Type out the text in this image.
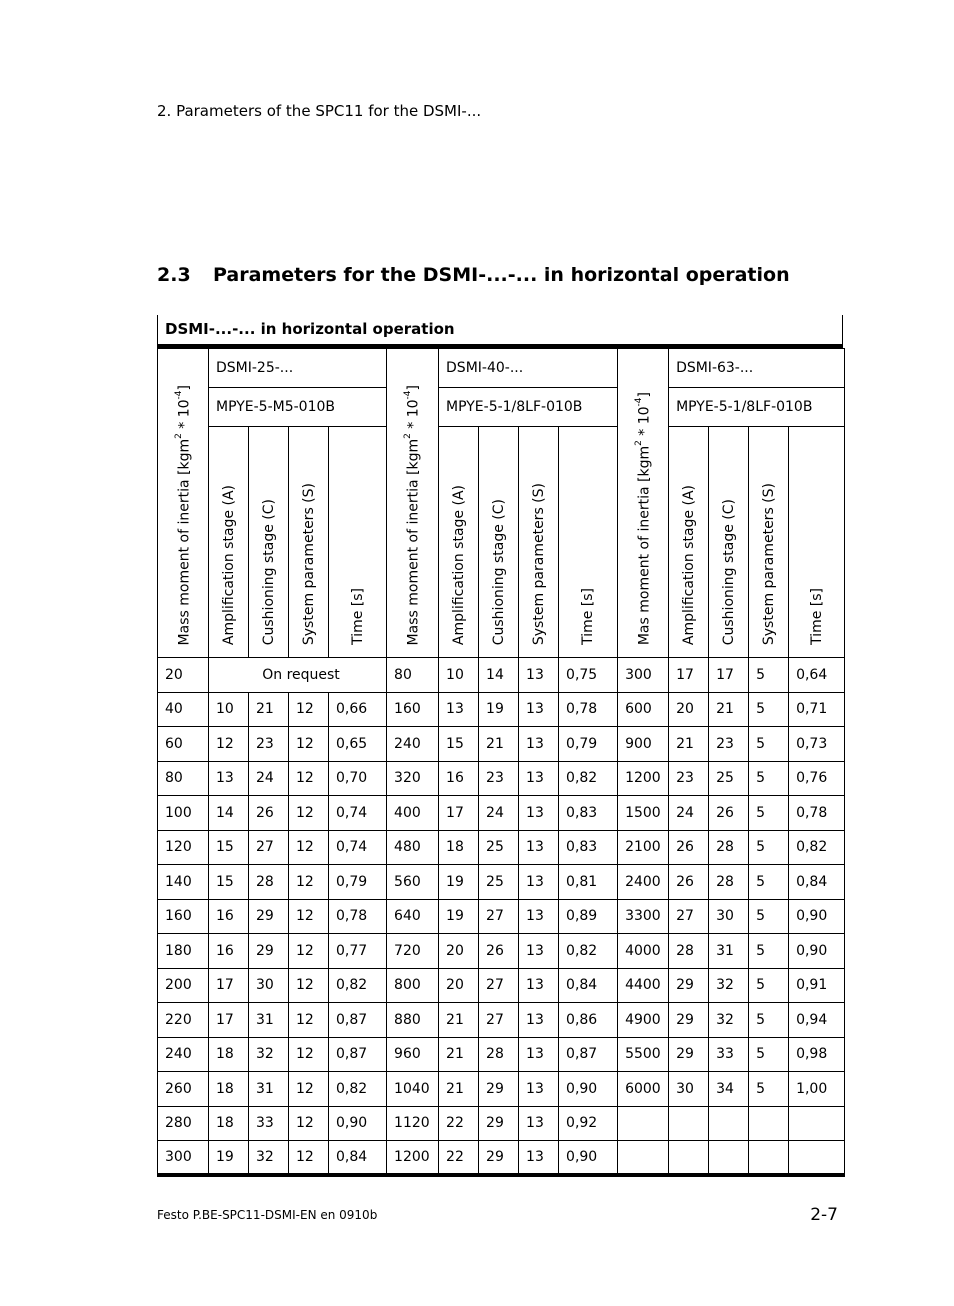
2. Parameters of the SPC11 for the DSMI-...
2.3 Parameters for the DSMI-...-... in horizontal operation
DSMI-...-... in horizontal operation
Mass moment of inertia $[kgm^2 * 10^{-4}]$	DSMI-25-...				Mass moment of inertia $[kgm^2 * 10^{-4}]$	DSMI-40-...				Mas moment of inertia $[kgm^2 * 10^{-4}]$	DSMI-63-...			
	MPYE-5-M5-010B					MPYE-5-1/8LF-010B					MPYE-5-1/8LF-010B			
	Amplification stage (A)	Cushioning stage (C)	System parameters (S)	Time [s]		Amplification stage (A)	Cushioning stage (C)	System parameters (S)	Time [s]		Amplification stage (A)	Cushioning stage (C)	System parameters (S)	Time [s]
20	On request				80	10	14	13	0,75	300	17	17	5	0,64
40	10	21	12	0,66	160	13	19	13	0,78	600	20	21	5	0,71
60	12	23	12	0,65	240	15	21	13	0,79	900	21	23	5	0,73
80	13	24	12	0,70	320	16	23	13	0,82	1200	23	25	5	0,76
100	14	26	12	0,74	400	17	24	13	0,83	1500	24	26	5	0,78
120	15	27	12	0,74	480	18	25	13	0,83	2100	26	28	5	0,82
140	15	28	12	0,79	560	19	25	13	0,81	2400	26	28	5	0,84
160	16	29	12	0,78	640	19	27	13	0,89	3300	27	30	5	0,90
180	16	29	12	0,77	720	20	26	13	0,82	4000	28	31	5	0,90
200	17	30	12	0,82	800	20	27	13	0,84	4400	29	32	5	0,91
220	17	31	12	0,87	880	21	27	13	0,86	4900	29	32	5	0,94
240	18	32	12	0,87	960	21	28	13	0,87	5500	29	33	5	0,98
260	18	31	12	0,82	1040	21	29	13	0,90	6000	30	34	5	1,00
280	18	33	12	0,90	1120	22	29	13	0,92					
300	19	32	12	0,84	1200	22	29	13	0,90					
Festo P.BE-SPC11-DSMI-EN en 0910b	2-7
